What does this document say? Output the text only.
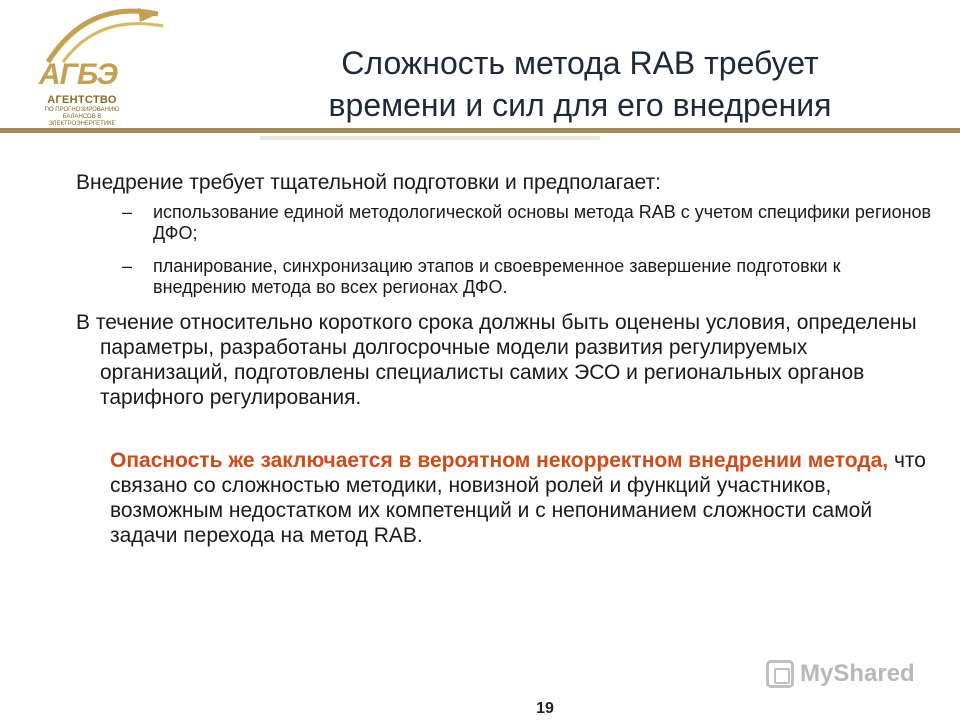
АГБЭ
АГЕНТСТВО
ПО ПРОГНОЗИРОВАНИЮ БАЛАНСОВ В ЭЛЕКТРОЭНЕРГЕТИКЕ
Сложность метода RAB требует
времени и сил для его внедрения

Внедрение требует тщательной подготовки и предполагает:

– использование единой методологической основы метода RAB с учетом специфики регионов ДФО;
– планирование, синхронизацию этапов и своевременное завершение подготовки к внедрению метода во всех регионах ДФО.

В течение относительно короткого срока должны быть оценены условия, определены параметры, разработаны долгосрочные модели развития регулируемых организаций, подготовлены специалисты самих ЭСО и региональных органов тарифного регулирования.

Опасность же заключается в вероятном некорректном внедрении метода, что связано со сложностью методики, новизной ролей и функций участников, возможным недостатком их компетенций и с непониманием сложности самой задачи перехода на метод RAB.

MyShared
19
